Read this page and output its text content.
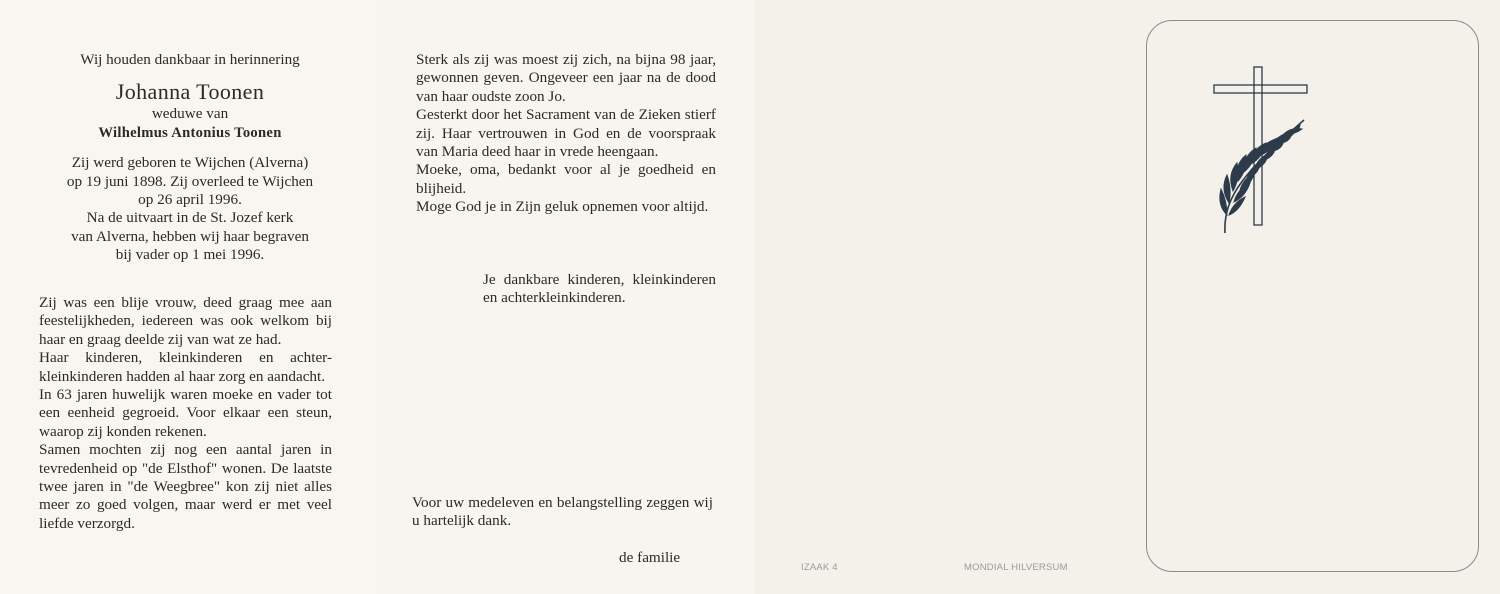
Wij houden dankbaar in herinnering

Johanna Toonen

weduwe van

Wilhelmus Antonius Toonen

Zij werd geboren te Wijchen (Alverna)
op 19 juni 1898. Zij overleed te Wijchen
op 26 april 1996.
Na de uitvaart in de St. Jozef kerk
van Alverna, hebben wij haar begraven
bij vader op 1 mei 1996.

Zij was een blije vrouw, deed graag mee aan feestelijkheden, iedereen was ook welkom bij haar en graag deelde zij van wat ze had.

Haar kinderen, kleinkinderen en achter-kleinkinderen hadden al haar zorg en aandacht.

In 63 jaren huwelijk waren moeke en vader tot een eenheid gegroeid. Voor elkaar een steun, waarop zij konden rekenen.

Samen mochten zij nog een aantal jaren in tevredenheid op "de Elsthof" wonen. De laatste twee jaren in "de Weegbree" kon zij niet alles meer zo goed volgen, maar werd er met veel liefde verzorgd.

Sterk als zij was moest zij zich, na bijna 98 jaar, gewonnen geven. Ongeveer een jaar na de dood van haar oudste zoon Jo.

Gesterkt door het Sacrament van de Zieken stierf zij. Haar vertrouwen in God en de voorspraak van Maria deed haar in vrede heengaan.

Moeke, oma, bedankt voor al je goedheid en blijheid.

Moge God je in Zijn geluk opnemen voor altijd.

Je dankbare kinderen, kleinkinderen en achterkleinkinderen.

Voor uw medeleven en belangstelling zeggen wij u hartelijk dank.

de familie
IZAAK 4	MONDIAL HILVERSUM
